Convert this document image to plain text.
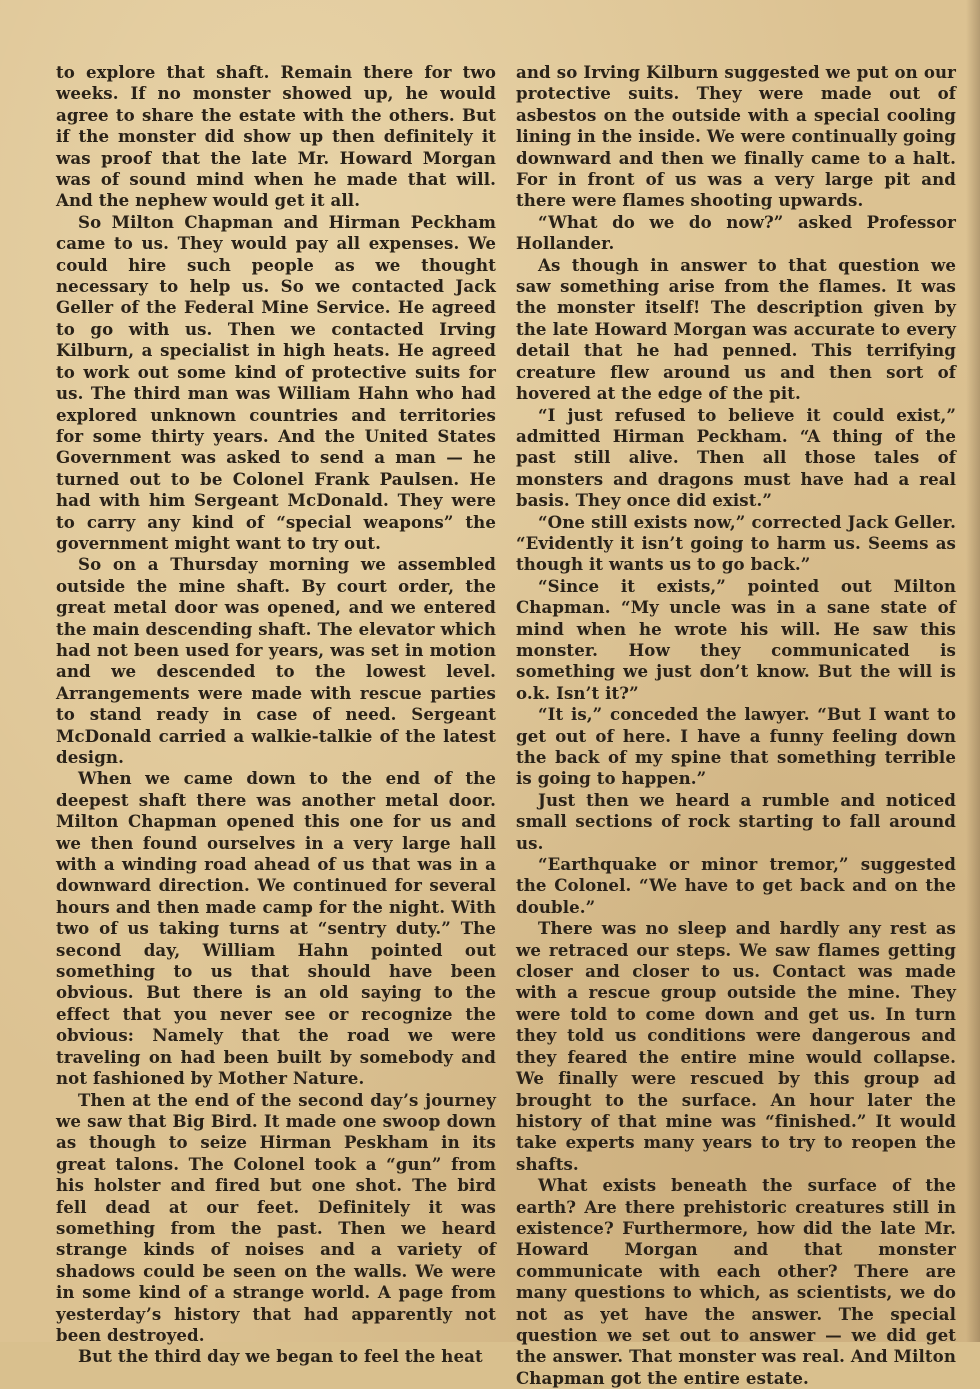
to explore that shaft. Remain there for two weeks. If no monster showed up, he would agree to share the estate with the others. But if the monster did show up then definitely it was proof that the late Mr. Howard Morgan was of sound mind when he made that will. And the nephew would get it all.

So Milton Chapman and Hirman Peckham came to us. They would pay all expenses. We could hire such people as we thought necessary to help us. So we contacted Jack Geller of the Federal Mine Service. He agreed to go with us. Then we contacted Irving Kilburn, a specialist in high heats. He agreed to work out some kind of protective suits for us. The third man was William Hahn who had explored unknown countries and territories for some thirty years. And the United States Government was asked to send a man — he turned out to be Colonel Frank Paulsen. He had with him Sergeant McDonald. They were to carry any kind of “special weapons” the government might want to try out.

So on a Thursday morning we assembled outside the mine shaft. By court order, the great metal door was opened, and we entered the main descending shaft. The elevator which had not been used for years, was set in motion and we descended to the lowest level. Arrangements were made with rescue parties to stand ready in case of need. Sergeant McDonald carried a walkie-talkie of the latest design.

When we came down to the end of the deepest shaft there was another metal door. Milton Chapman opened this one for us and we then found ourselves in a very large hall with a winding road ahead of us that was in a downward direction. We continued for several hours and then made camp for the night. With two of us taking turns at “sentry duty.” The second day, William Hahn pointed out something to us that should have been obvious. But there is an old saying to the effect that you never see or recognize the obvious: Namely that the road we were traveling on had been built by somebody and not fashioned by Mother Nature.

Then at the end of the second day’s journey we saw that Big Bird. It made one swoop down as though to seize Hirman Peskham in its great talons. The Colonel took a “gun” from his holster and fired but one shot. The bird fell dead at our feet. Definitely it was something from the past. Then we heard strange kinds of noises and a variety of shadows could be seen on the walls. We were in some kind of a strange world. A page from yesterday’s history that had apparently not been destroyed.

But the third day we began to feel the heat

and so Irving Kilburn suggested we put on our protective suits. They were made out of asbestos on the outside with a special cooling lining in the inside. We were continually going downward and then we finally came to a halt. For in front of us was a very large pit and there were flames shooting upwards.

“What do we do now?” asked Professor Hollander.

As though in answer to that question we saw something arise from the flames. It was the monster itself! The description given by the late Howard Morgan was accurate to every detail that he had penned. This terrifying creature flew around us and then sort of hovered at the edge of the pit.

“I just refused to believe it could exist,” admitted Hirman Peckham. “A thing of the past still alive. Then all those tales of monsters and dragons must have had a real basis. They once did exist.”

“One still exists now,” corrected Jack Geller. “Evidently it isn’t going to harm us. Seems as though it wants us to go back.”

“Since it exists,” pointed out Milton Chapman. “My uncle was in a sane state of mind when he wrote his will. He saw this monster. How they communicated is something we just don’t know. But the will is o.k. Isn’t it?”

“It is,” conceded the lawyer. “But I want to get out of here. I have a funny feeling down the back of my spine that something terrible is going to happen.”

Just then we heard a rumble and noticed small sections of rock starting to fall around us.

“Earthquake or minor tremor,” suggested the Colonel. “We have to get back and on the double.”

There was no sleep and hardly any rest as we retraced our steps. We saw flames getting closer and closer to us. Contact was made with a rescue group outside the mine. They were told to come down and get us. In turn they told us conditions were dangerous and they feared the entire mine would collapse. We finally were rescued by this group ad brought to the surface. An hour later the history of that mine was “finished.” It would take experts many years to try to reopen the shafts.

What exists beneath the surface of the earth? Are there prehistoric creatures still in existence? Furthermore, how did the late Mr. Howard Morgan and that monster communicate with each other? There are many questions to which, as scientists, we do not as yet have the answer. The special question we set out to answer — we did get the answer. That monster was real. And Milton Chapman got the entire estate.
